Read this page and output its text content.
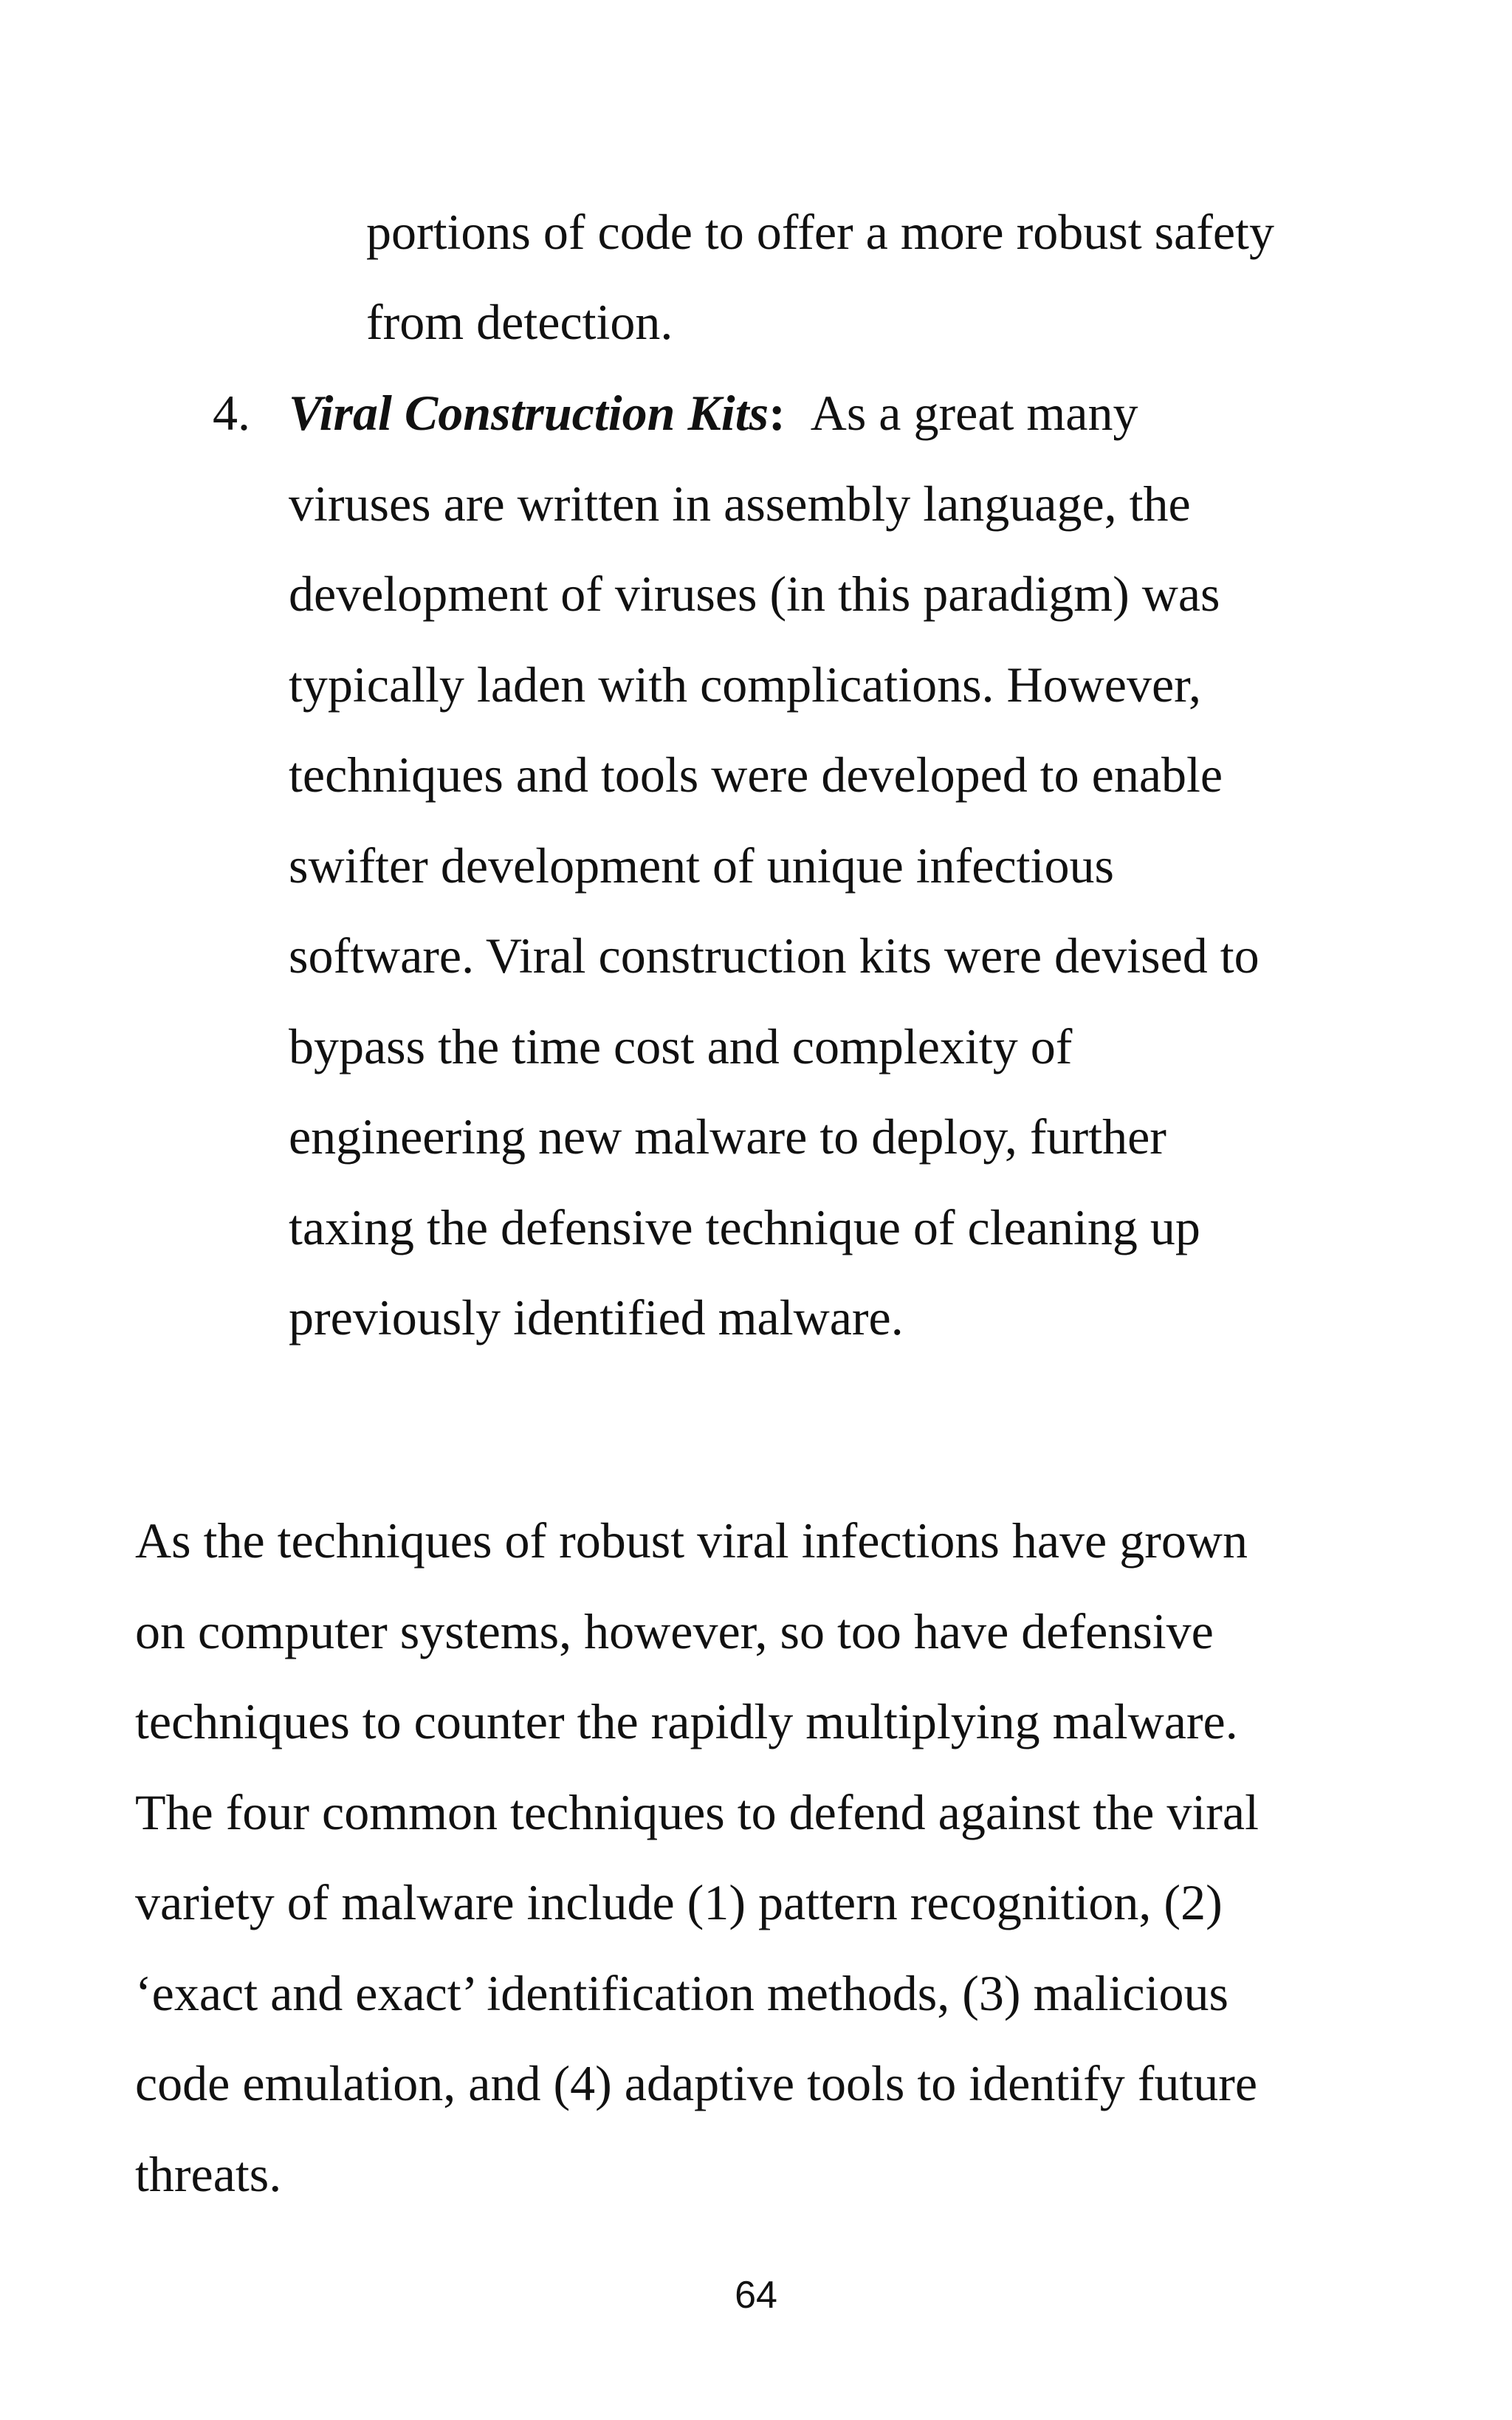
portions of code to offer a more robust safety
from detection.
4. Viral Construction Kits: As a great many
viruses are written in assembly language, the
development of viruses (in this paradigm) was
typically laden with complications. However,
techniques and tools were developed to enable
swifter development of unique infectious
software. Viral construction kits were devised to
bypass the time cost and complexity of
engineering new malware to deploy, further
taxing the defensive technique of cleaning up
previously identified malware.
As the techniques of robust viral infections have grown
on computer systems, however, so too have defensive
techniques to counter the rapidly multiplying malware.
The four common techniques to defend against the viral
variety of malware include (1) pattern recognition, (2)
‘exact and exact’ identification methods, (3) malicious
code emulation, and (4) adaptive tools to identify future
threats.
64
